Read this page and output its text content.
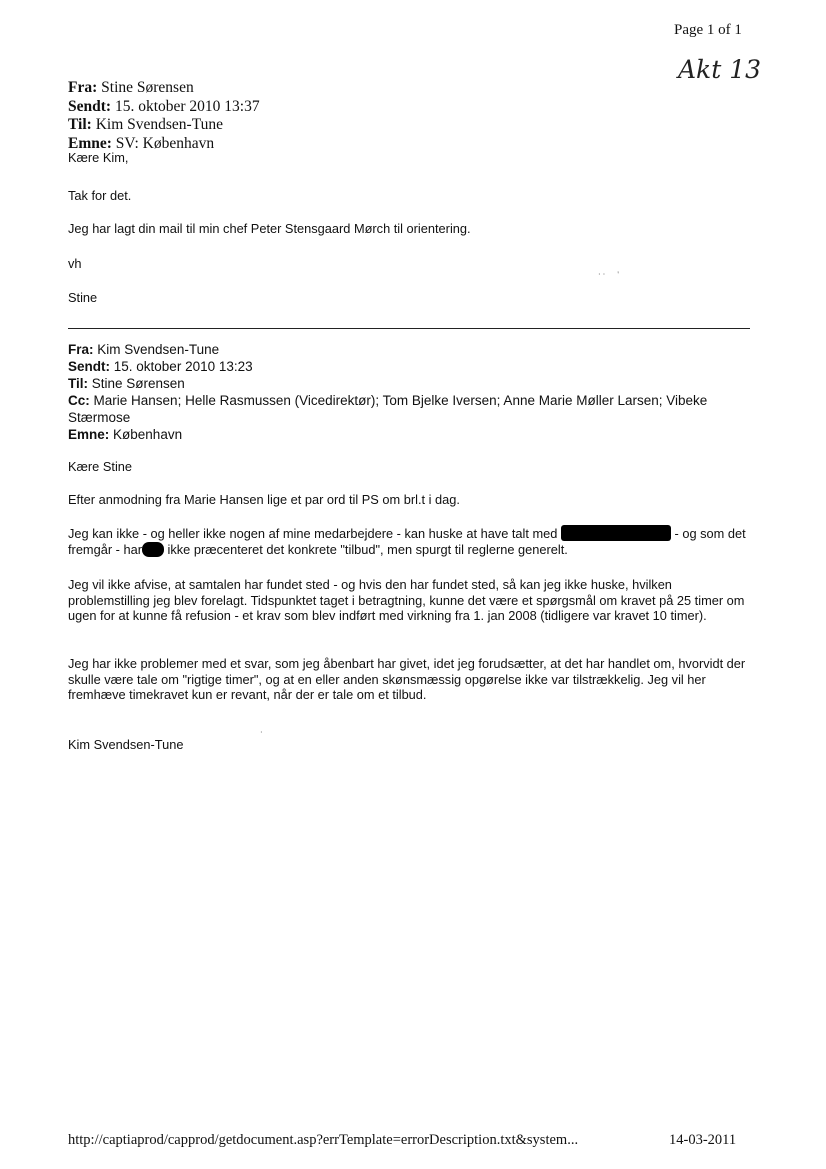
Page 1 of 1
Akt 13
Fra: Stine Sørensen
Sendt: 15. oktober 2010 13:37
Til: Kim Svendsen-Tune
Emne: SV: København
Kære Kim,
Tak for det.
Jeg har lagt din mail til min chef Peter Stensgaard Mørch til orientering.
vh
Stine
· ·      '
Fra: Kim Svendsen-Tune
Sendt: 15. oktober 2010 13:23
Til: Stine Sørensen
Cc: Marie Hansen; Helle Rasmussen (Vicedirektør); Tom Bjelke Iversen; Anne Marie Møller Larsen; Vibeke Stærmose
Emne: København
Kære Stine
Efter anmodning fra Marie Hansen lige et par ord til PS om brl.t i dag.
Jeg kan ikke - og heller ikke nogen af mine medarbejdere - kan huske at have talt med	- og som det fremgår - har ikke præcenteret det konkrete "tilbud", men spurgt til reglerne generelt.
Jeg vil ikke afvise, at samtalen har fundet sted - og hvis den har fundet sted, så kan jeg ikke huske, hvilken problemstilling jeg blev forelagt. Tidspunktet taget i betragtning, kunne det være et spørgsmål om kravet på 25 timer om ugen for at kunne få refusion - et krav som blev indført med virkning fra 1. jan 2008 (tidligere var kravet 10 timer).
Jeg har ikke problemer med et svar, som jeg åbenbart har givet, idet jeg forudsætter, at det har handlet om, hvorvidt der skulle være tale om "rigtige timer", og at en eller anden skønsmæssig opgørelse ikke var tilstrækkelig. Jeg vil her fremhæve timekravet kun er revant, når der er tale om et tilbud.
·
Kim Svendsen-Tune
http://captiaprod/capprod/getdocument.asp?errTemplate=errorDescription.txt&system...	14-03-2011
